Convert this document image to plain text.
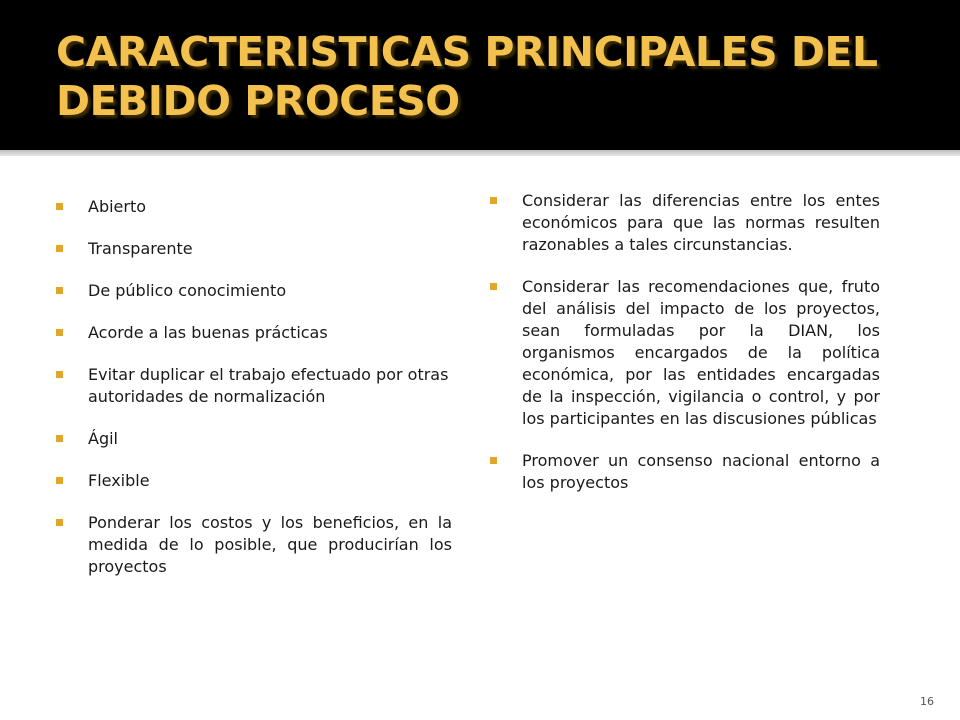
CARACTERISTICAS PRINCIPALES DEL DEBIDO PROCESO
Abierto
Transparente
De público conocimiento
Acorde a las buenas prácticas
Evitar duplicar el trabajo efectuado por otras autoridades de normalización
Ágil
Flexible
Ponderar los costos y los beneficios, en la medida de lo posible, que producirían los proyectos
Considerar las diferencias entre los entes económicos para que las normas resulten razonables a tales circunstancias.
Considerar las recomendaciones que, fruto del análisis del impacto de los proyectos, sean formuladas por la DIAN, los organismos encargados de la política económica, por las entidades encargadas de la inspección, vigilancia o control, y por los participantes en las discusiones públicas
Promover un consenso nacional entorno a los proyectos
16
